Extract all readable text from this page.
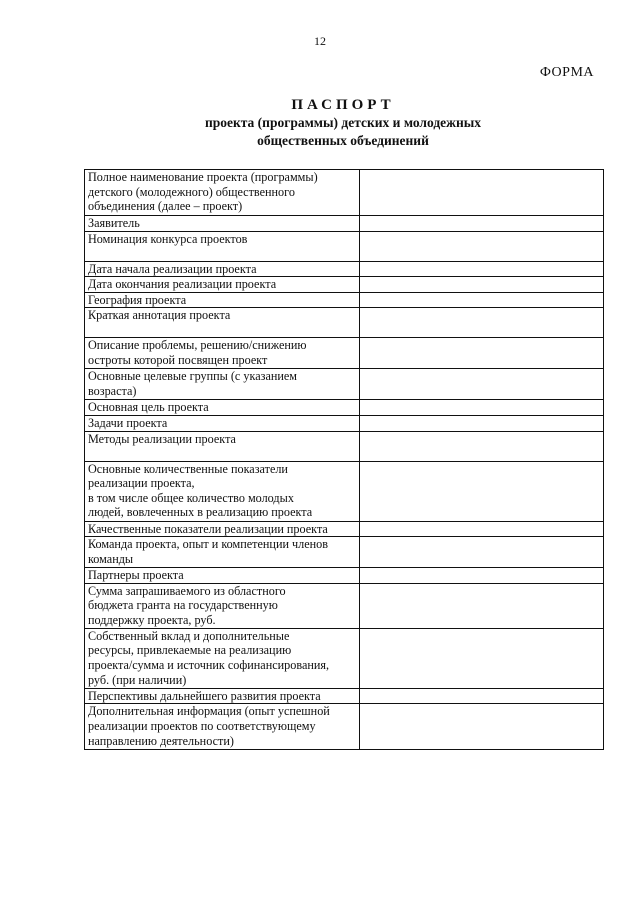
12
ФОРМА
ПАСПОРТ
проекта (программы) детских и молодежных
общественных объединений
Полное наименование проекта (программы)
детского (молодежного) общественного
объединения (далее – проект)	
Заявитель	
Номинация конкурса проектов	
Дата начала реализации проекта	
Дата окончания реализации проекта	
География проекта	
Краткая аннотация проекта	
Описание проблемы, решению/снижению
остроты которой посвящен проект	
Основные целевые группы (с указанием
возраста)	
Основная цель проекта	
Задачи проекта	
Методы реализации проекта	
Основные количественные показатели
реализации проекта,
в том числе общее количество молодых
людей, вовлеченных в реализацию проекта	
Качественные показатели реализации проекта	
Команда проекта, опыт и компетенции членов
команды	
Партнеры проекта	
Сумма запрашиваемого из областного
бюджета гранта на государственную
поддержку проекта, руб.	
Собственный вклад и дополнительные
ресурсы, привлекаемые на реализацию
проекта/сумма и источник софинансирования,
руб. (при наличии)	
Перспективы дальнейшего развития проекта	
Дополнительная информация (опыт успешной
реализации проектов по соответствующему
направлению деятельности)	
